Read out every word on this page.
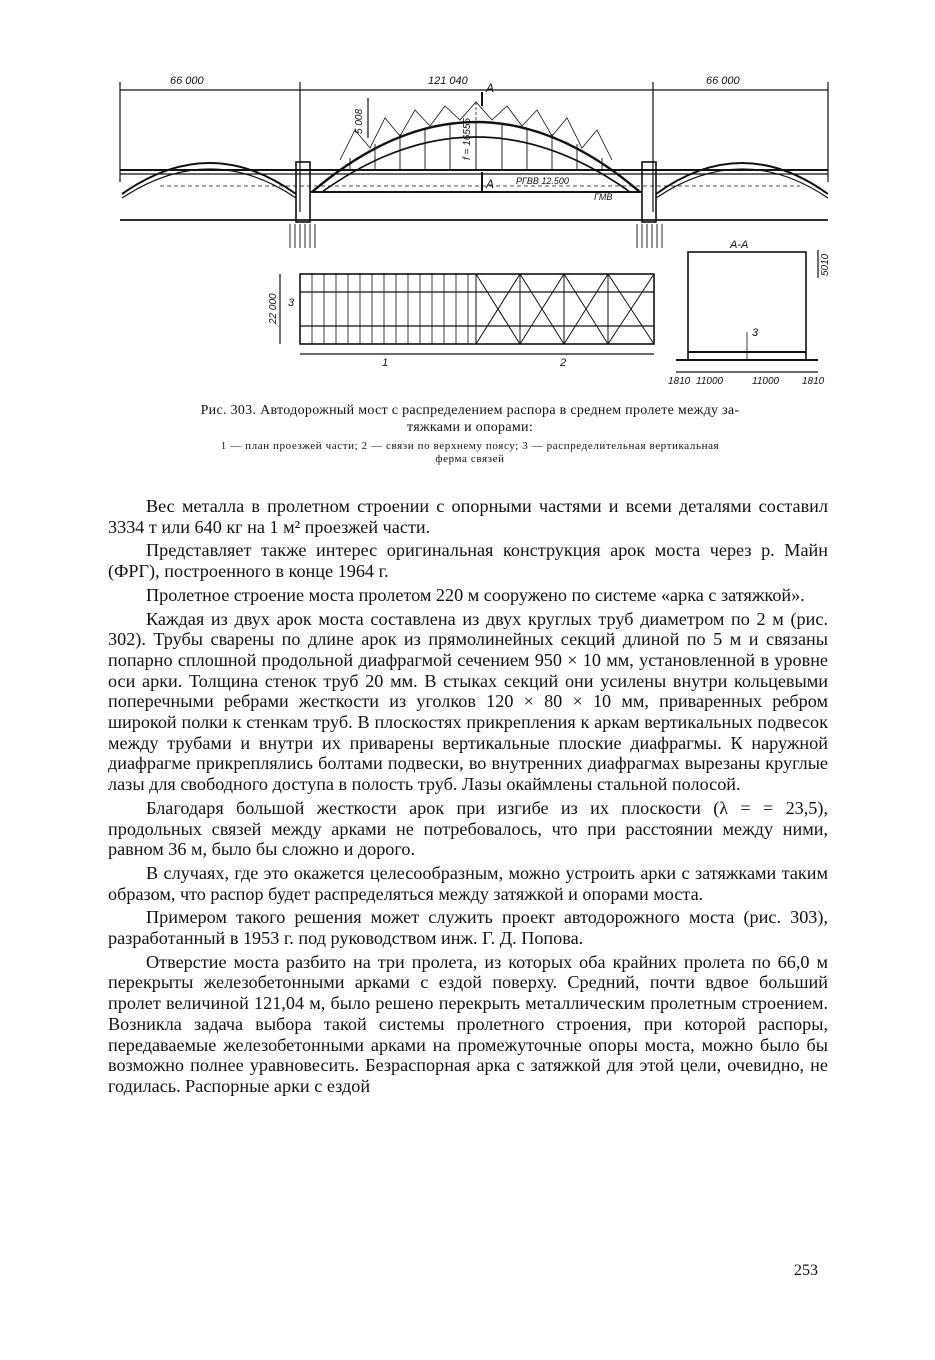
66 000	121 040	66 000
А
А
5 008	f = 16555
РГВВ 12.500
ГМВ
А-А
22 000
5010
3
1	2
3
1810 11000	11000 1810
Рис. 303. Автодорожный мост с распределением распора в среднем пролете между за-
тяжками и опорами:
1 — план проезжей части; 2 — связи по верхнему поясу; 3 — распределительная вертикальная
ферма связей

Вес металла в пролетном строении с опорными частями и всеми деталями составил 3334 т или 640 кг на 1 м² проезжей части.

Представляет также интерес оригинальная конструкция арок моста через р. Майн (ФРГ), построенного в конце 1964 г.

Пролетное строение моста пролетом 220 м сооружено по системе «арка с затяжкой».

Каждая из двух арок моста составлена из двух круглых труб диаметром по 2 м (рис. 302). Трубы сварены по длине арок из прямолинейных секций длиной по 5 м и связаны попарно сплошной продольной диафрагмой сечением 950 × 10 мм, установленной в уровне оси арки. Толщина стенок труб 20 мм. В стыках секций они усилены внутри кольцевыми поперечными ребрами жесткости из уголков 120 × 80 × 10 мм, приваренных ребром широкой полки к стенкам труб. В плоскостях прикрепления к аркам вертикальных подвесок между трубами и внутри их приварены вертикальные плоские диафрагмы. К наружной диафрагме прикреплялись болтами подвески, во внутренних диафрагмах вырезаны круглые лазы для свободного доступа в полость труб. Лазы окаймлены стальной полосой.

Благодаря большой жесткости арок при изгибе из их плоскости (λ = = 23,5), продольных связей между арками не потребовалось, что при расстоянии между ними, равном 36 м, было бы сложно и дорого.

В случаях, где это окажется целесообразным, можно устроить арки с затяжками таким образом, что распор будет распределяться между затяжкой и опорами моста.

Примером такого решения может служить проект автодорожного моста (рис. 303), разработанный в 1953 г. под руководством инж. Г. Д. Попова.

Отверстие моста разбито на три пролета, из которых оба крайних пролета по 66,0 м перекрыты железобетонными арками с ездой поверху. Средний, почти вдвое больший пролет величиной 121,04 м, было решено перекрыть металлическим пролетным строением. Возникла задача выбора такой системы пролетного строения, при которой распоры, передаваемые железобетонными арками на промежуточные опоры моста, можно было бы возможно полнее уравновесить. Безраспорная арка с затяжкой для этой цели, очевидно, не годилась. Распорные арки с ездой

253
